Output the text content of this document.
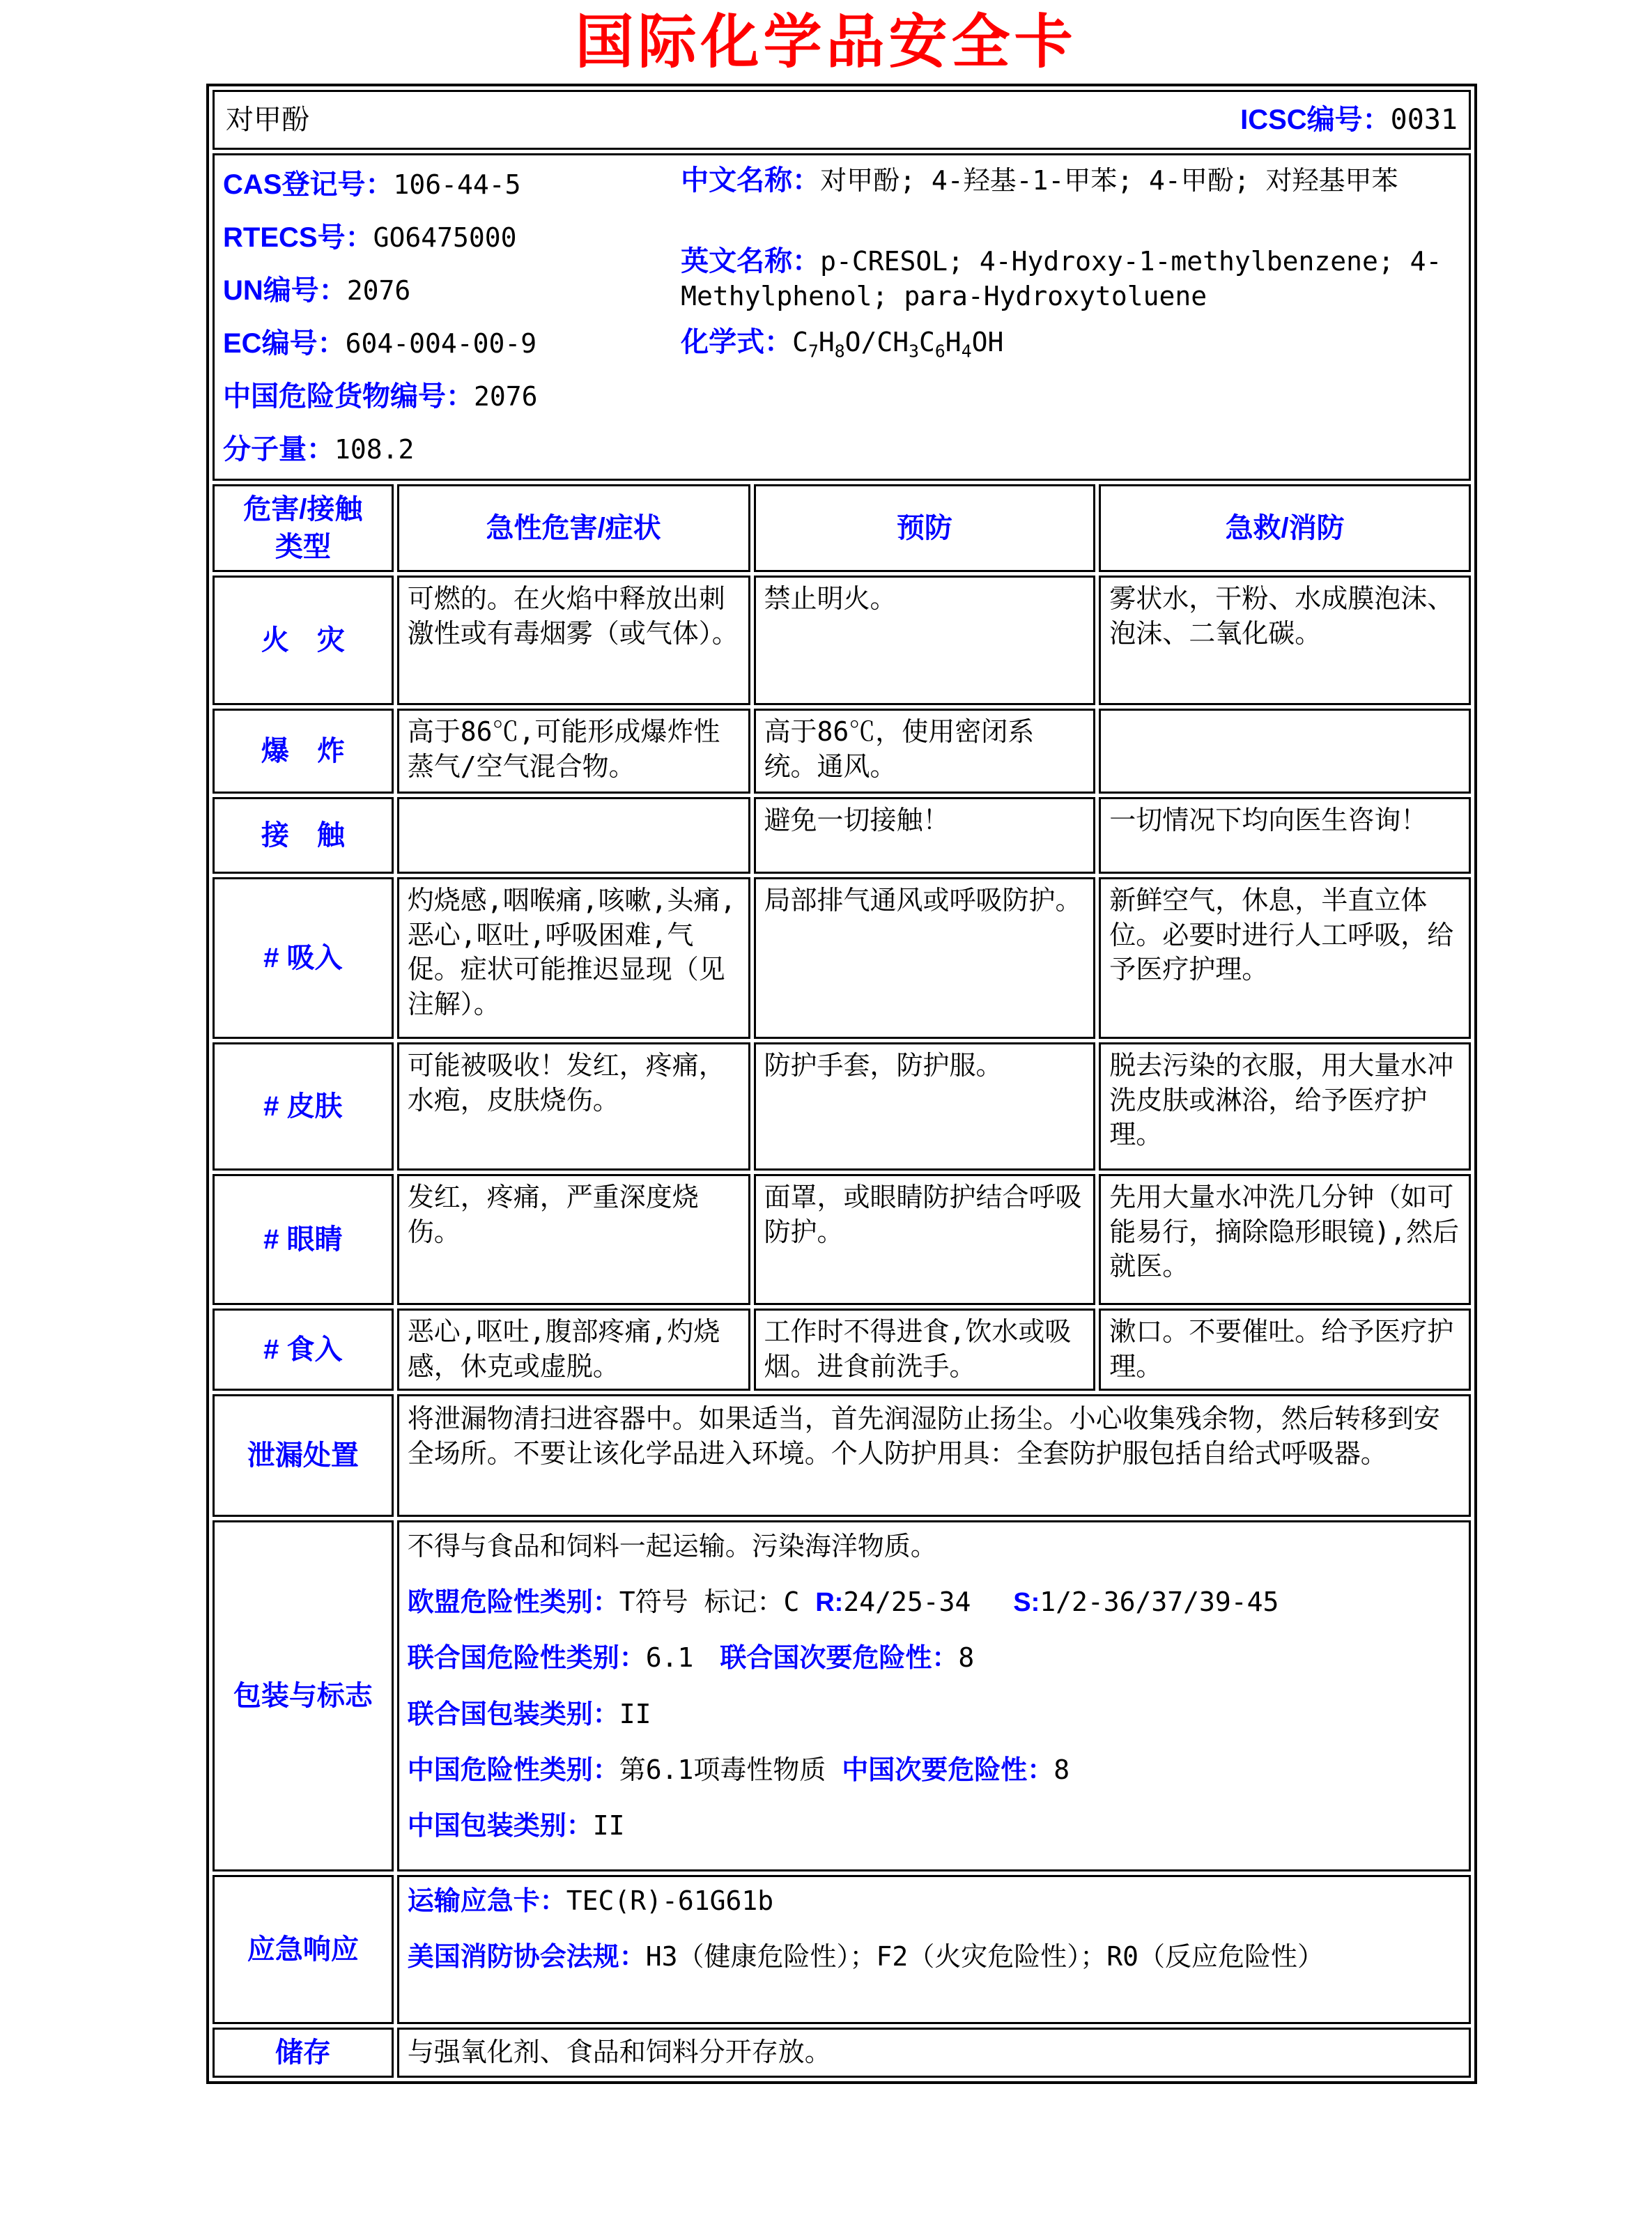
国际化学品安全卡
对甲酚 ICSC编号：0031			

CAS登记号：106-44-5
RTECS号：GO6475000
UN编号：2076
EC编号：604-004-00-9
中国危险货物编号：2076
分子量：108.2

中文名称：对甲酚; 4-羟基-1-甲苯; 4-甲酚; 对羟基甲苯

英文名称：p-CRESOL; 4-Hydroxy-1-methylbenzene; 4-Methylphenol; para-Hydroxytoluene

化学式：$C_7H_8O/CH_3C_6H_4OH$

危害/接触
类型	急性危害/症状	预防	急救/消防
火　灾	可燃的。在火焰中释放出刺激性或有毒烟雾（或气体）。	禁止明火。	雾状水，干粉、水成膜泡沫、泡沫、二氧化碳。
爆　炸	高于86℃,可能形成爆炸性蒸气/空气混合物。	高于86℃，使用密闭系统。通风。	
接　触		避免一切接触！	一切情况下均向医生咨询！
# 吸入	灼烧感,咽喉痛,咳嗽,头痛,恶心,呕吐,呼吸困难,气促。症状可能推迟显现（见注解）。	局部排气通风或呼吸防护。	新鲜空气，休息，半直立体位。必要时进行人工呼吸，给予医疗护理。
# 皮肤	可能被吸收！发红，疼痛，水疱，皮肤烧伤。	防护手套，防护服。	脱去污染的衣服，用大量水冲洗皮肤或淋浴，给予医疗护理。
# 眼睛	发红，疼痛，严重深度烧伤。	面罩，或眼睛防护结合呼吸防护。	先用大量水冲洗几分钟（如可能易行，摘除隐形眼镜),然后就医。
# 食入	恶心,呕吐,腹部疼痛,灼烧感，休克或虚脱。	工作时不得进食,饮水或吸烟。进食前洗手。	漱口。不要催吐。给予医疗护理。
泄漏处置	将泄漏物清扫进容器中。如果适当，首先润湿防止扬尘。小心收集残余物，然后转移到安全场所。不要让该化学品进入环境。个人防护用具：全套防护服包括自给式呼吸器。		

包装与标志	
不得与食品和饲料一起运输。污染海洋物质。
欧盟危险性类别：T符号 标记：C R:24/25-34　 S:1/2-36/37/39-45
联合国危险性类别：6.1　联合国次要危险性：8
联合国包装类别：II
中国危险性类别：第6.1项毒性物质 中国次要危险性：8
中国包装类别：II

应急响应	运输应急卡：TEC(R)-61G61b
美国消防协会法规：H3（健康危险性）；F2（火灾危险性）；R0（反应危险性）		

储存	与强氧化剂、食品和饲料分开存放。		
